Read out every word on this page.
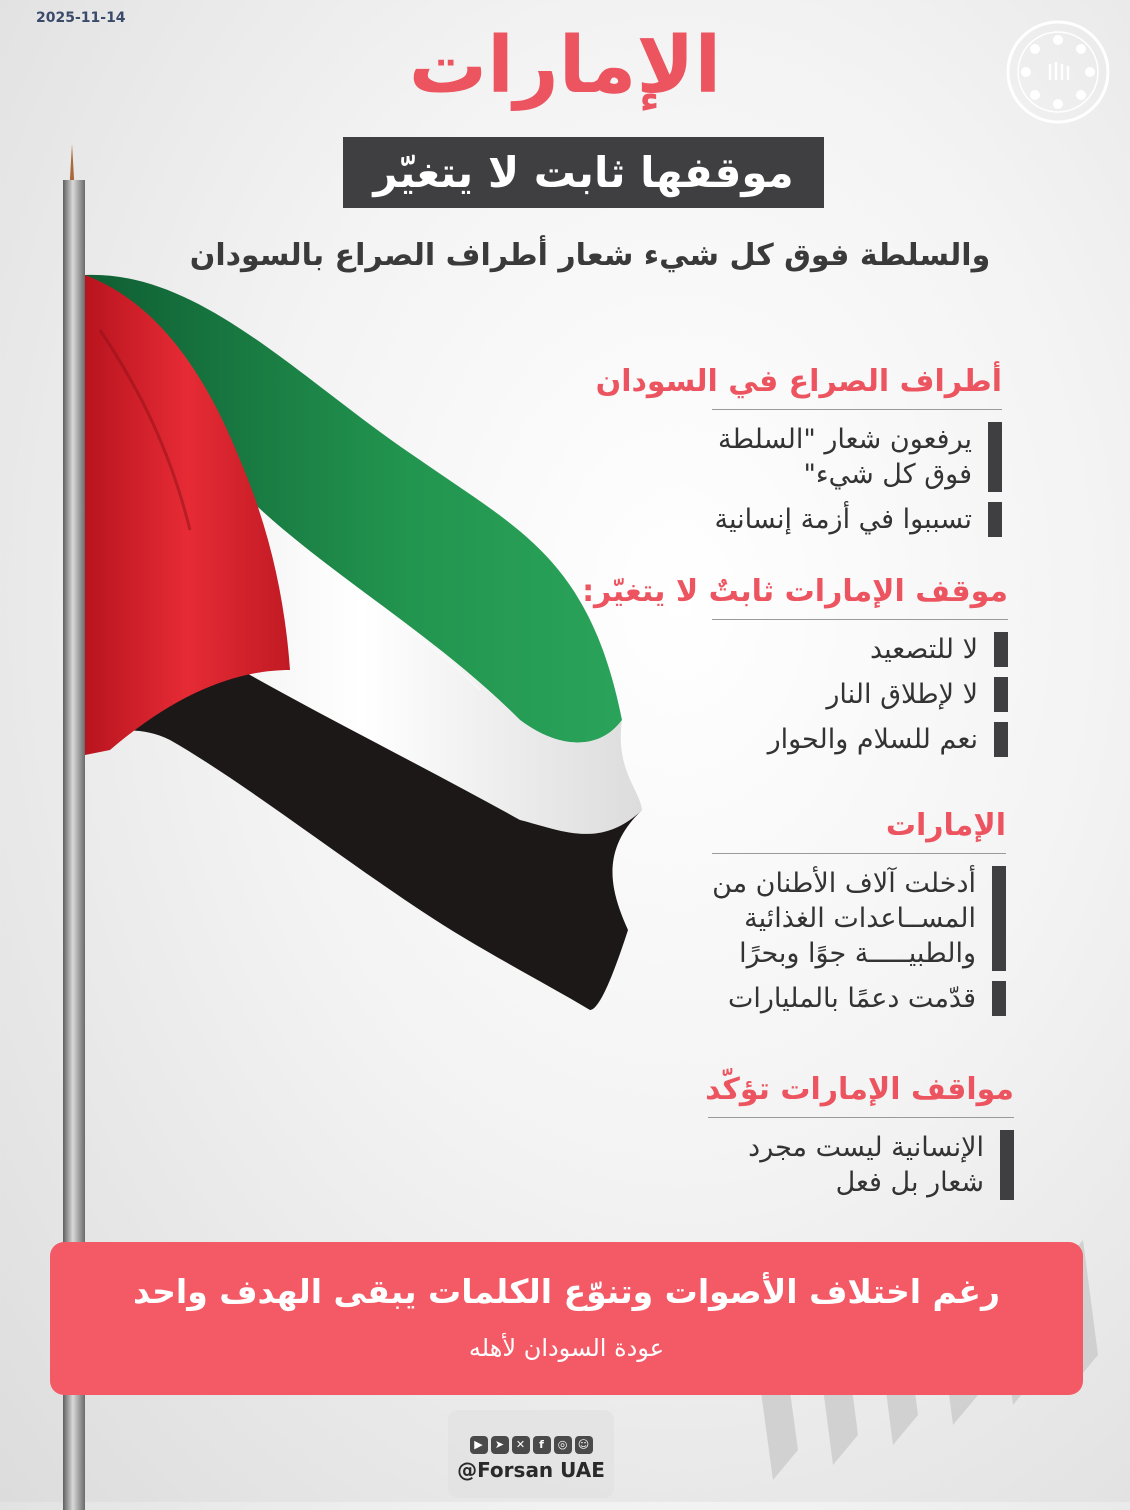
2025-11-14
الإمارات
موقفها ثابت لا يتغيّر
والسلطة فوق كل شيء شعار أطراف الصراع بالسودان
أطراف الصراع في السودان
يرفعون شعار "السلطة
فوق كل شيء"
تسببوا في أزمة إنسانية
موقف الإمارات ثابتٌ لا يتغيّر:
لا للتصعيد
لا لإطلاق النار
نعم للسلام والحوار
الإمارات
أدخلت آلاف الأطنان من
المســاعدات الغذائية
والطبيـــــة جوًا وبحرًا
قدّمت دعمًا بالمليارات
مواقف الإمارات تؤكّد
الإنسانية ليست مجرد
شعار بل فعل
رغم اختلاف الأصوات وتنوّع الكلمات يبقى الهدف واحد
عودة السودان لأهله
▶	➤	✕	f	◎ ☺
@Forsan UAE
